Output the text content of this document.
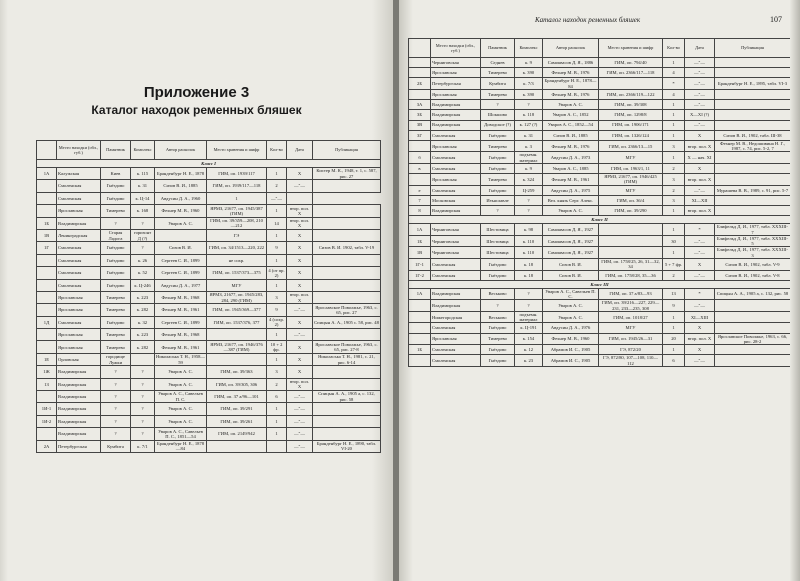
Приложение 3
Каталог находок ременных бляшек
Каталог находок ременных бляшек	107
	Место находки (обл., губ.)	Памятник	Комплекс	Автор раскопок	Место хранения и шифр	Кол-во	Дата	Публикация
Класс I								
1А	Калужская	Киев	к. 115	Бранденбург Н. Е., 1878	ГИМ, оп. 1939/117	1	X	Кистер М. К., 1948, т. 1, с. 587, рис. 27
	Смоленская	Гнёздово	к. 31	Сизов В. И., 1885	ГИМ, оп. 1939/117—118	2	—"—	
	Смоленская	Гнёздово	к. Ц-14	Авдусин Д. А., 1960	1	—"—		
	Ярославская	Тимерево	к. 168	Фехнер М. В., 1960	ЯРМЗ, 21677, оп. 1945/387 (ГИМ)	1	втор. пол. X	
1Б	Владимирская	?	?	Уваров А. С.	ГИМ, оп. 39/359—208, 210—212	14	втор. пол. X	
1В	Ленинградская	Старая Ладога	горизонт Д (?)		ГЭ	1	X	
1Г	Смоленская	Гнёздово	?	Сизов В. И.	ГИМ, оп. 34/1513—220, 222	9	X	Сизов В. И. 1902, табл. V-19
	Смоленская	Гнёздово	к. 26	Сергеев С. И., 1899	не сохр.	1	X	
	Смоленская	Гнёздово	к. 52	Сергеев С. И., 1899	ГИМ, оп. 1537/373—375	4 (от пр. 2)	X	
	Смоленская	Гнёздово	к. Ц-246	Авдусин Д. А., 1977	МГУ	1	X	
	Ярославская	Тимерево	к. 223	Фехнер М. В., 1968	ЯРМЗ, 21677, оп. 1945/283, 284, 290 (ГИМ)	3	втор. пол. X	
	Ярославская	Тимерево	к. 282	Фехнер М. В., 1961	ГИМ, оп. 1945/369—377	9	—"—	Ярославское Поволжье, 1963, с. 65, рис. 27
1Д	Смоленская	Гнёздово	к. 32	Сергеев С. И., 1899	ГИМ, оп. 1537/376, 377	4 (сохр. 2)	X	Спицын А. А., 1905 с. 58, рис. 48
	Ярославская	Тимерево	к. 223	Фехнер М. В., 1968		1	—"—	
	Ярославская	Тимерево	к. 282	Фехнер М. В., 1961	ЯРМЗ, 21677, оп. 1946/376—387 (ГИМ)	10 + 2 фр.	X	Ярославское Поволжье, 1963, с. 65, рис. 27-8
1Е	Орловская	городище Лужки		Николаська Т. Н., 1958—59		1	X	Николаська Т. Н., 1981, с. 21, рис. 6-14
1Ж	Владимирская	?	?	Уваров А. С.	ГИМ, оп. 39/363	3	X	
1З	Владимирская	?	?	Уваров А. С.	ГИМ, оп. 39/305, 306	2	втор. пол. X	
	Владимирская	?	?	Уваров А. С., Савельев П. С.	ГИМ, оп. 37 а/96—101	6	—"—	Спицын А. А., 1905 а, с. 132, рис. 58
1И-1	Владимирская	?	?	Уваров А. С.	ГИМ, оп. 39/291	1	—"—	
1И-2	Владимирская	?	?	Уваров А. С.	ГИМ, оп. 39/261	1	—"—	
	Владимирская	?	?	Уваров А. С., Савельев П. С., 1851—54	ГИМ, оп. 2149/942	1	—"—	
2А	Петербургская	Кумбита	к. 7/1	Бранденбург Н. Е., 1878—84			—"—	Бранденбург Н. Е., 1890, табл. VI-20
	Место находки (обл., губ.)	Памятник	Комплекс	Автор раскопок	Место хранения и шифр	Кол-во	Дата	Публикация
	Черниговская	Седнев	к. 9	Самоквасов Д. Я., 1886	ГИМ, оп. 794/40	1	—"—	
	Ярославская	Тимерево	к. 390	Фехнер М. В., 1976	ГИМ, оп. 2366/117—118	4	—"—	
2Б	Петербургская	Кумбита	к. 7/3	Бранденбург Н. Е., 1878—84		*	—"—	Бранденбург Н. Е., 1895, табл. VI-3
	Ярославская	Тимерево	к. 390	Фехнер М. В., 1976	ГИМ, оп. 2366/119—122	4	—"—	
3А	Владимирская	?	?	Уваров А. С.	ГИМ, оп. 39/308	1	—"—	
3Б	Владимирская	Шокшово	к. 118	Уваров А. С., 1852	ГИМ, оп. 1298/8	1	X—XI (?)	
3В	Владимирская	Доводское (?)	к. 127 (?)	Уваров А. С., 1852—54	ГИМ, оп. 1906/171	1	—"—	
3Г	Смоленская	Гнёздово	к. 31	Сизов В. И., 1885	ГИМ, оп. 1326/124	1	X	Сизов В. И., 1902, табл. Ш-38
	Ярославская	Тимерево	к. 3	Фехнер М. В., 1976	ГИМ, оп. 2366/13—15	3	втор. пол. X	Фехнер М. В., Недошивина Н. Г., 1987, с. 74, рис. 5-2, 7
б	Смоленская	Гнёздово	подъемн. материал	Авдусин Д. А., 1973	МГУ	1	X — нач. XI	
в	Смоленская	Гнёздово	к. 9	Уваров А. С., 1885	ГИМ, оп. 1963/1, 11	2	X	
	Ярославская	Тимерево	к. 324	Фехнер М. В., 1961	ЯРМЗ, 21677, оп. 1946/425 (ГИМ)	3	втор. пол. X	
е	Смоленская	Гнёздово	Ц-259	Авдусин Д. А., 1975	МГУ	2	—"—	Мурашева В. В., 1989, с. 91, рис. 5-7
7	Московская	Изъяславле	?	Вел. князь Серг. Алекс.	ГИМ, оп. 36/4	3	XI—XII	
8	Владимирская	?	?	Уваров А. С.	ГИМ, оп. 39/290	1	втор. пол. X	
Класс II								
1А	Черниговская	Шестовица	к. 98	Самоквасов Д. Я., 1927		1	*	Блифельд Д. И., 1977, табл. XXXIII-7
1Б	Черниговская	Шестовица	к. 110	Самоквасов Д. Я., 1927		30	—"—	Блифельд Д. И., 1977, табл. XXXIII-5
1В	Черниговская	Шестовица	к. 110	Самоквасов Д. Я., 1927		1	—"—	Блифельд Д. И., 1977, табл. XXXIII-3
1Г-1	Смоленская	Гнёздово	к. 18	Сизов В. И.	ГИМ, оп. 1758/25, 26, 31—32, 34	5 + 7 фр.	X	Сизов В. И., 1902, табл. V-9
1Г-2	Смоленская	Гнёздово	к. 18	Сизов В. И.	ГИМ, оп. 1758/28, 35—36	2	—"—	Сизов В. И., 1902, табл. V-8
Класс III								
1А	Владимирская	Веськово	?	Уваров А. С., Савельев П. С.	ГИМ, оп. 37 а/83—93	13	*	Спицын А. А., 1905 а, с. 132, рис. 58
	Владимирская	?	?	Уваров А. С.	ГИМ, оп. 39/216—227, 229—231, 233—235, 308	9	—"—	
	Нижегородская	Веськово	подъемн. материал	Уваров А. С.	ГИМ, оп. 1018/27	1	XI—XIII	
	Смоленская	Гнёздово	к. Ц-191	Авдусин Д. А., 1976	МГУ	1	X	
	Ярославская	Тимерево	к. 154	Фехнер М. В., 1960	ГИМ, оп. 1945/26—31	20	втор. пол. X	Ярославское Поволжье, 1963, с. 66, рис. 28-2
1Б	Смоленская	Гнёздово	к. 12	Абрамов И. С., 1905	ГЭ, 872/20	1	X	
	Смоленская	Гнёздово	к. 23	Абрамов И. С., 1905	ГЭ, 872/80, 107—108, 110—112	6	—"—	
